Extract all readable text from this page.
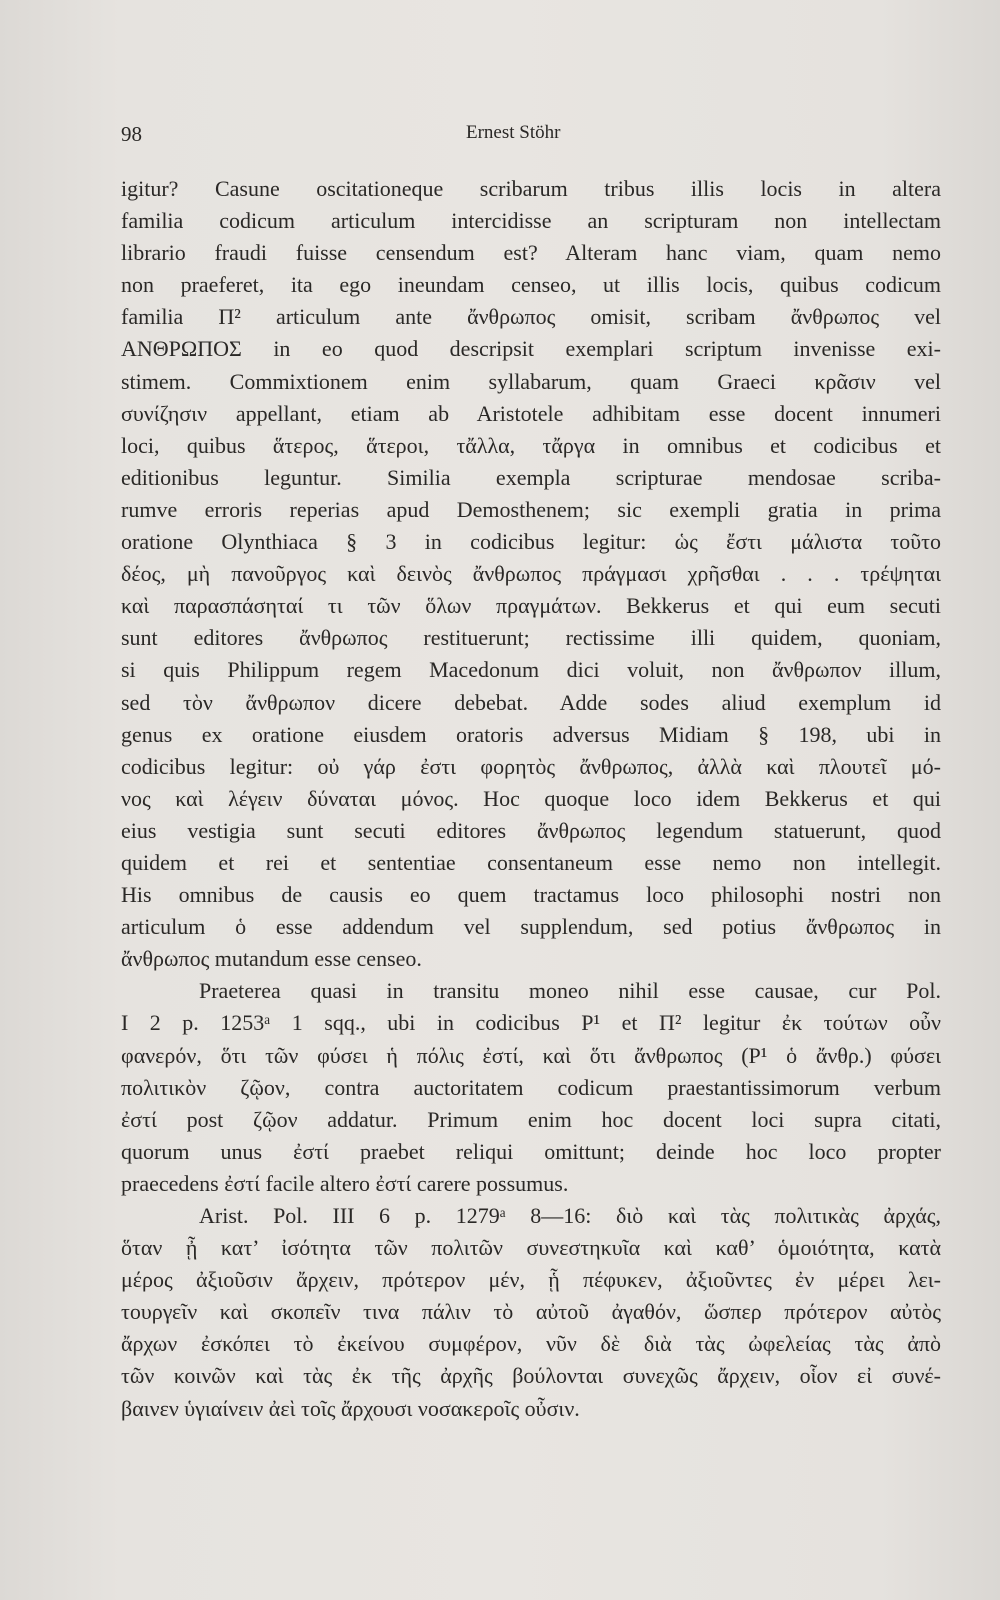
98	Ernest Stöhr
igitur? Casune oscitationeque scribarum tribus illis locis in altera
familia codicum articulum intercidisse an scripturam non intellectam
librario fraudi fuisse censendum est? Alteram hanc viam, quam nemo
non praeferet, ita ego ineundam censeo, ut illis locis, quibus codicum
familia Π² articulum ante ἄνθρωπος omisit, scribam ἄνθρωπος vel
ΑΝΘΡΩΠΟΣ in eo quod descripsit exemplari scriptum invenisse exi-
stimem. Commixtionem enim syllabarum, quam Graeci κρᾶσιν vel
συνίζησιν appellant, etiam ab Aristotele adhibitam esse docent innumeri
loci, quibus ἅτερος, ἅτεροι, τἄλλα, τἄργα in omnibus et codicibus et
editionibus leguntur. Similia exempla scripturae mendosae scriba-
rumve erroris reperias apud Demosthenem; sic exempli gratia in prima
oratione Olynthiaca § 3 in codicibus legitur: ὡς ἔστι μάλιστα τοῦτο
δέος, μὴ πανοῦργος καὶ δεινὸς ἄνθρωπος πράγμασι χρῆσθαι . . . τρέψηται
καὶ παρασπάσηταί τι τῶν ὅλων πραγμάτων. Bekkerus et qui eum secuti
sunt editores ἄνθρωπος restituerunt; rectissime illi quidem, quoniam,
si quis Philippum regem Macedonum dici voluit, non ἄνθρωπον illum,
sed τὸν ἄνθρωπον dicere debebat. Adde sodes aliud exemplum id
genus ex oratione eiusdem oratoris adversus Midiam § 198, ubi in
codicibus legitur: οὐ γάρ ἐστι φορητὸς ἄνθρωπος, ἀλλὰ καὶ πλουτεῖ μό-
νος καὶ λέγειν δύναται μόνος. Hoc quoque loco idem Bekkerus et qui
eius vestigia sunt secuti editores ἄνθρωπος legendum statuerunt, quod
quidem et rei et sententiae consentaneum esse nemo non intellegit.
His omnibus de causis eo quem tractamus loco philosophi nostri non
articulum ὁ esse addendum vel supplendum, sed potius ἄνθρωπος in
ἄνθρωπος mutandum esse censeo.
Praeterea quasi in transitu moneo nihil esse causae, cur Pol.
I 2 p. 1253ᵃ 1 sqq., ubi in codicibus P¹ et Π² legitur ἐκ τούτων οὖν
φανερόν, ὅτι τῶν φύσει ἡ πόλις ἐστί, καὶ ὅτι ἄνθρωπος (P¹ ὁ ἄνθρ.) φύσει
πολιτικὸν ζῷον, contra auctoritatem codicum praestantissimorum verbum
ἐστί post ζῷον addatur. Primum enim hoc docent loci supra citati,
quorum unus ἐστί praebet reliqui omittunt; deinde hoc loco propter
praecedens ἐστί facile altero ἐστί carere possumus.
Arist. Pol. III 6 p. 1279ᵃ 8—16: διὸ καὶ τὰς πολιτικὰς ἀρχάς,
ὅταν ᾖ κατ’ ἰσότητα τῶν πολιτῶν συνεστηκυῖα καὶ καθ’ ὁμοιότητα, κατὰ
μέρος ἀξιοῦσιν ἄρχειν, πρότερον μέν, ᾗ πέφυκεν, ἀξιοῦντες ἐν μέρει λει-
τουργεῖν καὶ σκοπεῖν τινα πάλιν τὸ αὐτοῦ ἀγαθόν, ὥσπερ πρότερον αὐτὸς
ἄρχων ἐσκόπει τὸ ἐκείνου συμφέρον, νῦν δὲ διὰ τὰς ὠφελείας τὰς ἀπὸ
τῶν κοινῶν καὶ τὰς ἐκ τῆς ἀρχῆς βούλονται συνεχῶς ἄρχειν, οἷον εἰ συνέ-
βαινεν ὑγιαίνειν ἀεὶ τοῖς ἄρχουσι νοσακεροῖς οὖσιν.
